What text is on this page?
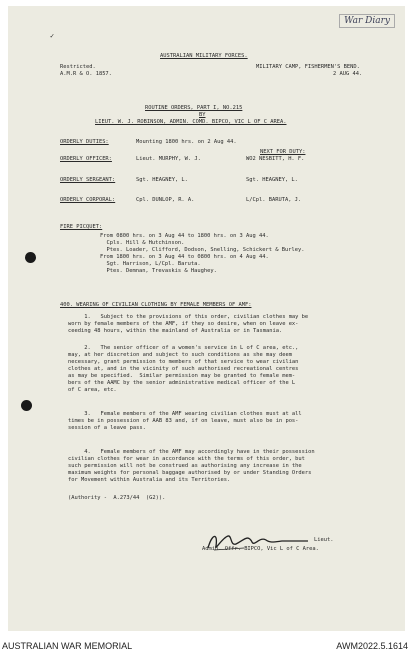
War Diary
✓
AUSTRALIAN MILITARY FORCES.
Restricted.
A.M.R & O. 1857.
MILITARY CAMP, FISHERMEN'S BEND.
2 AUG 44.
ROUTINE ORDERS, PART I, NO.215
BY
LIEUT. W. J. ROBINSON, ADMIN. COMD. BIPCO, VIC L OF C AREA.
ORDERLY DUTIES:	Mounting 1800 hrs. on 2 Aug 44.
NEXT FOR DUTY:
ORDERLY OFFICER:	Lieut. MURPHY, W. J.	WO2 NESBITT, H. F.
ORDERLY SERGEANT:	Sgt. HEAGNEY, L.	Sgt. HEAGNEY, L.
ORDERLY CORPORAL:	Cpl. DUNLOP, R. A.	L/Cpl. BARUTA, J.
FIRE PICQUET:
From 0800 hrs. on 3 Aug 44 to 1800 hrs. on 3 Aug 44.
Cpls. Hill & Hutchinson.
Ptes. Loader, Clifford, Dodson, Snelling, Schickert & Burley.
From 1800 hrs. on 3 Aug 44 to 0800 hrs. on 4 Aug 44.
Sgt. Harrison, L/Cpl. Baruta.
Ptes. Demnan, Trevaskis & Haughey.
400. WEARING OF CIVILIAN CLOTHING BY FEMALE MEMBERS OF AMF:
1.   Subject to the provisions of this order, civilian clothes may be
worn by female members of the AMF, if they so desire, when on leave ex-
ceeding 48 hours, within the mainland of Australia or in Tasmania.
2.   The senior officer of a women's service in L of C area, etc.,
may, at her discretion and subject to such conditions as she may deem
necessary, grant permission to members of that service to wear civilian
clothes at, and in the vicinity of such authorised recreational centres
as may be specified.  Similar permission may be granted to female mem-
bers of the AAMC by the senior administrative medical officer of the L
of C area, etc.
3.   Female members of the AMF wearing civilian clothes must at all
times be in possession of AAB 83 and, if on leave, must also be in pos-
session of a leave pass.
4.   Female members of the AMF may accordingly have in their possession
civilian clothes for wear in accordance with the terms of this order, but
such permission will not be construed as authorising any increase in the
maximum weights for personal baggage authorised by or under Standing Orders
for Movement within Australia and its Territories.
(Authority -  A.273/44  (G2)).
Lieut.
Admin. Offr. BIPCO, Vic L of C Area.
AUSTRALIAN WAR MEMORIAL	AWM2022.5.1614
